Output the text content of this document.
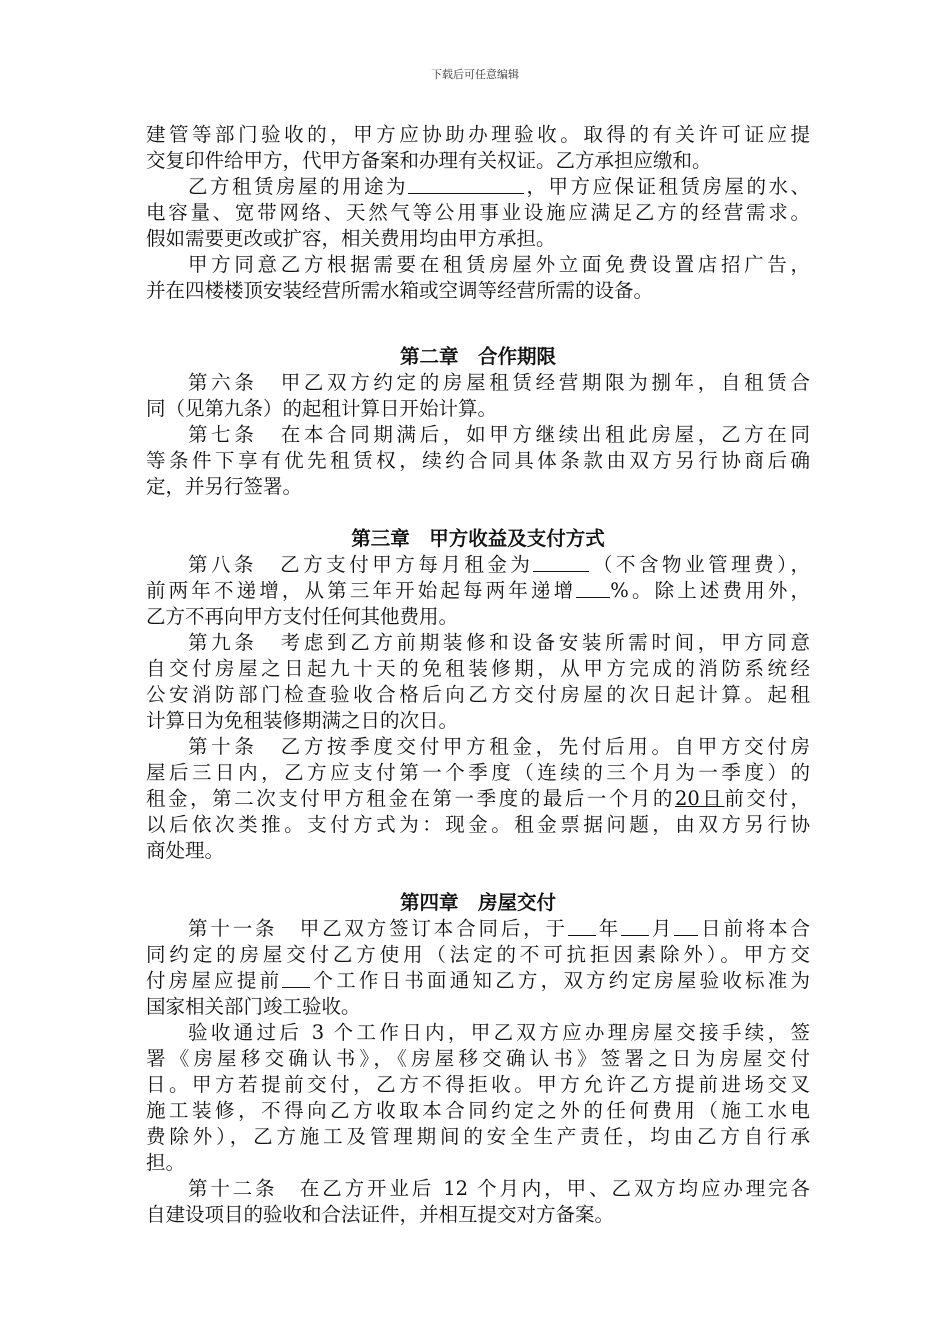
下载后可任意编辑
建管等部门验收的，甲方应协助办理验收。取得的有关许可证应提
交复印件给甲方，代甲方备案和办理有关权证。乙方承担应缴和。
乙方租赁房屋的用途为	，甲方应保证租赁房屋的水、
电容量、宽带网络、天然气等公用事业设施应满足乙方的经营需求。
假如需要更改或扩容，相关费用均由甲方承担。
甲方同意乙方根据需要在租赁房屋外立面免费设置店招广告，
并在四楼楼顶安装经营所需水箱或空调等经营所需的设备。
第二章　合作期限
第六条　甲乙双方约定的房屋租赁经营期限为捌年，自租赁合
同（见第九条）的起租计算日开始计算。
第七条　在本合同期满后，如甲方继续出租此房屋，乙方在同
等条件下享有优先租赁权，续约合同具体条款由双方另行协商后确
定，并另行签署。
第三章　甲方收益及支付方式
第八条　乙方支付甲方每月租金为	（不含物业管理费），
前两年不递增，从第三年开始起每两年递增 %。除上述费用外，
乙方不再向甲方支付任何其他费用。
第九条　考虑到乙方前期装修和设备安装所需时间，甲方同意
自交付房屋之日起九十天的免租装修期，从甲方完成的消防系统经
公安消防部门检查验收合格后向乙方交付房屋的次日起计算。起租
计算日为免租装修期满之日的次日。
第十条　乙方按季度交付甲方租金，先付后用。自甲方交付房
屋后三日内，乙方应支付第一个季度（连续的三个月为一季度）的
租金，第二次支付甲方租金在第一季度的最后一个月的20日前交付，
以后依次类推。支付方式为：现金。租金票据问题，由双方另行协
商处理。
第四章　房屋交付
第十一条　甲乙双方签订本合同后，于 年 月 日前将本合
同约定的房屋交付乙方使用（法定的不可抗拒因素除外）。甲方交
付房屋应提前 个工作日书面通知乙方，双方约定房屋验收标准为
国家相关部门竣工验收。
验收通过后 3 个工作日内，甲乙双方应办理房屋交接手续，签
署《房屋移交确认书》，《房屋移交确认书》签署之日为房屋交付
日。甲方若提前交付，乙方不得拒收。甲方允许乙方提前进场交叉
施工装修，不得向乙方收取本合同约定之外的任何费用（施工水电
费除外），乙方施工及管理期间的安全生产责任，均由乙方自行承
担。
第十二条　在乙方开业后 12 个月内，甲、乙双方均应办理完各
自建设项目的验收和合法证件，并相互提交对方备案。
